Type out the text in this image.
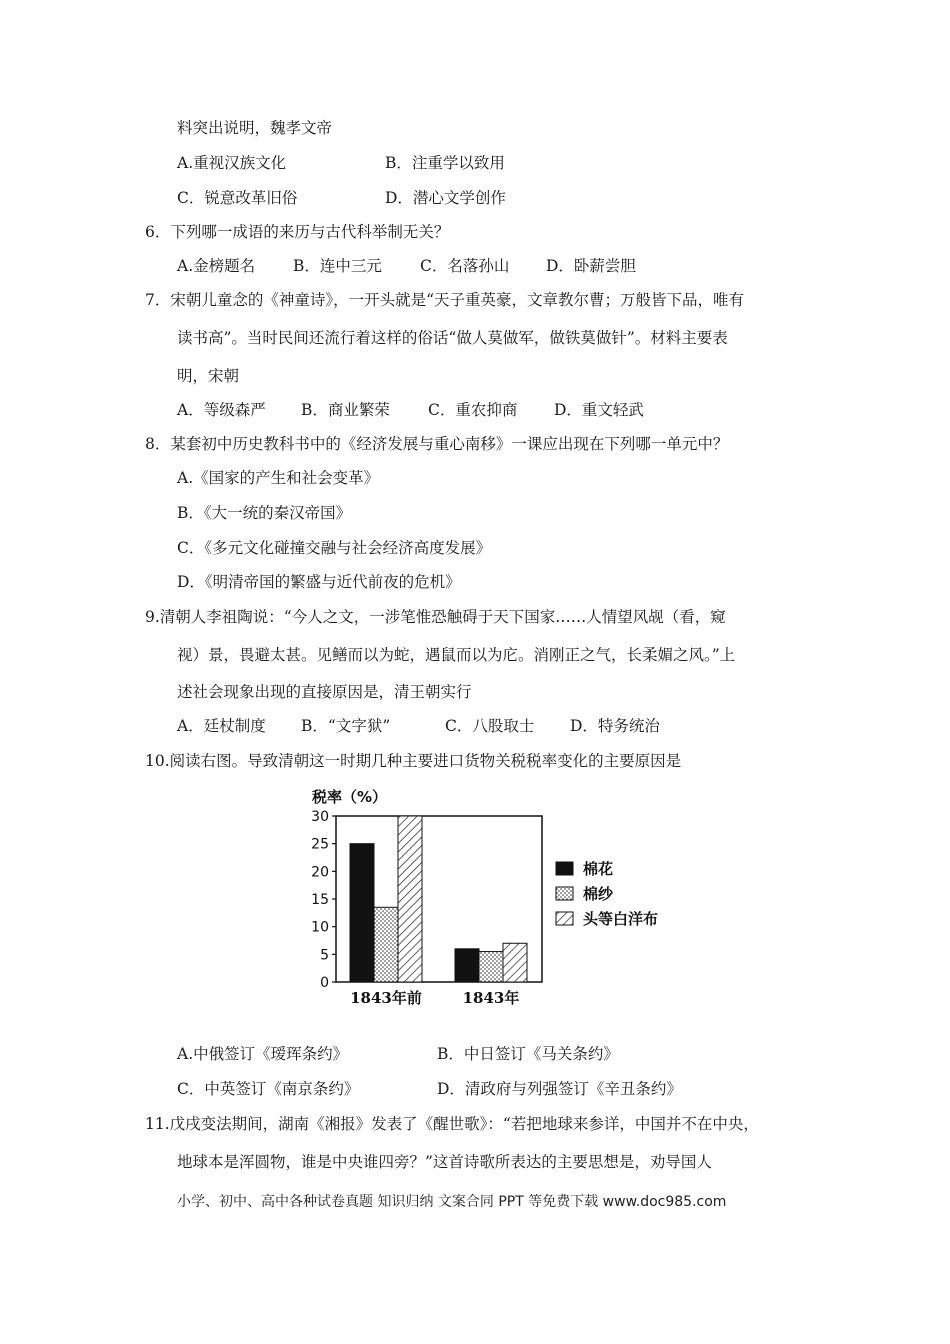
料突出说明，魏孝文帝
A.重视汉族文化	B．注重学以致用
C．锐意改革旧俗	D．潜心文学创作
6．下列哪一成语的来历与古代科举制无关？
A.金榜题名 B．连中三元 C．名落孙山 D．卧薪尝胆
7．宋朝儿童念的《神童诗》，一开头就是“天子重英豪，文章教尔曹；万般皆下品，唯有
读书高”。当时民间还流行着这样的俗话“做人莫做军，做铁莫做针”。材料主要表
明，宋朝
A．等级森严 B．商业繁荣 C．重农抑商 D．重文轻武
8．某套初中历史教科书中的《经济发展与重心南移》一课应出现在下列哪一单元中？
A.《国家的产生和社会变革》
B．《大一统的秦汉帝国》
C．《多元文化碰撞交融与社会经济高度发展》
D．《明清帝国的繁盛与近代前夜的危机》
9.清朝人李祖陶说：“今人之文，一涉笔惟恐触碍于天下国家……人情望风觇（看，窥
视）景，畏避太甚。见鳝而以为蛇，遇鼠而以为庀。消刚正之气，长柔媚之风。”上
述社会现象出现的直接原因是，清王朝实行
A．廷杖制度 B．“文字狱”	C．八股取士 D．特务统治
10.阅读右图。导致清朝这一时期几种主要进口货物关税税率变化的主要原因是
税率（%）
0
5
10
15
20
25
30
1843年前	1843年
棉花
棉纱
头等白洋布
A.中俄签订《瑷珲条约》	B．中日签订《马关条约》
C．中英签订《南京条约》	D．清政府与列强签订《辛丑条约》
11.戊戌变法期间，湖南《湘报》发表了《醒世歌》：“若把地球来参详，中国并不在中央，
地球本是浑圆物，谁是中央谁四旁？”这首诗歌所表达的主要思想是，劝导国人
小学、初中、高中各种试卷真题 知识归纳 文案合同 PPT 等免费下载 www.doc985.com
